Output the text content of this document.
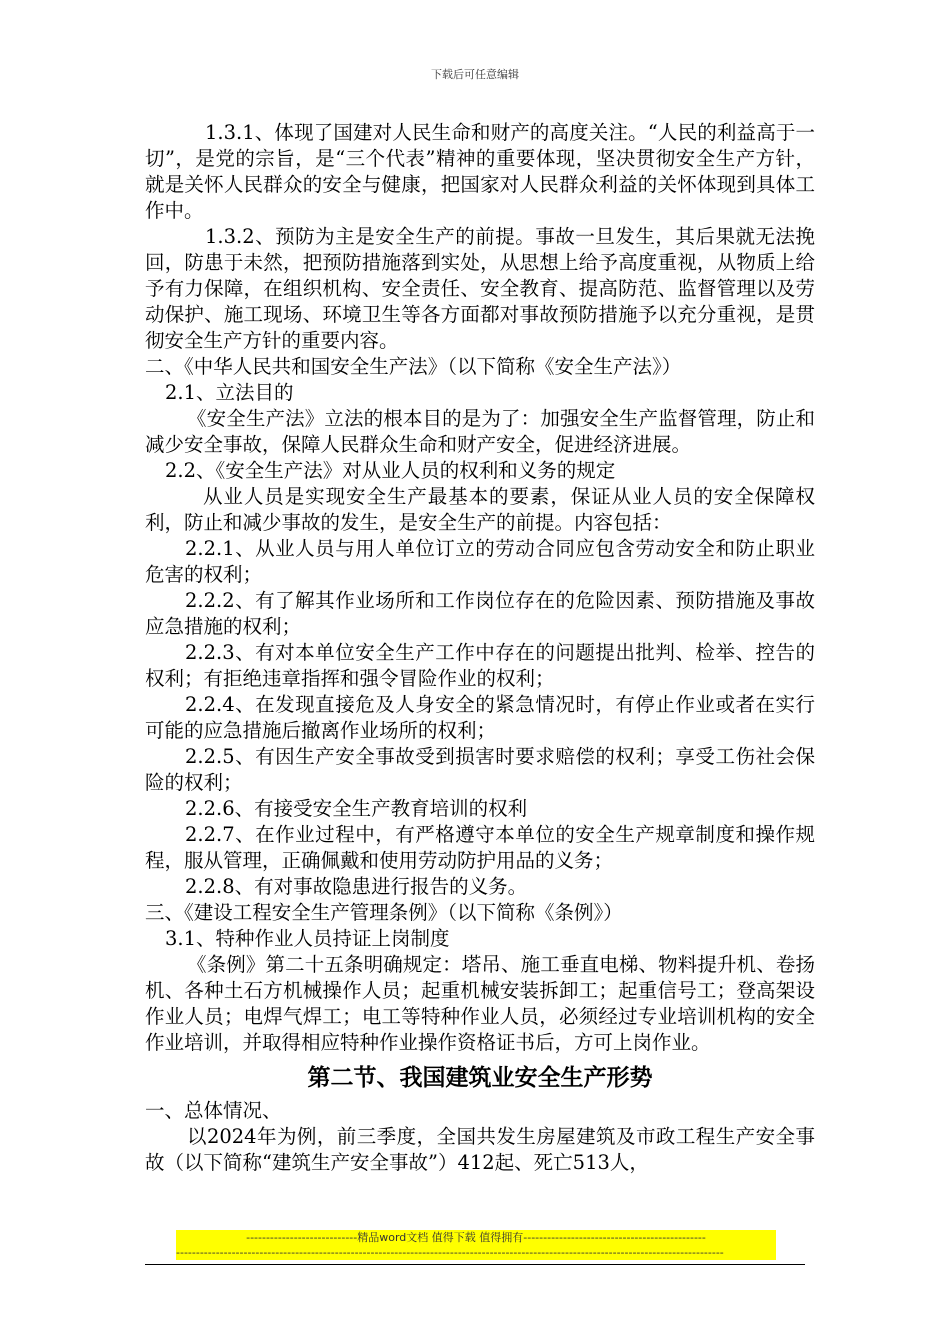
下载后可任意编辑

1.3.1、体现了国建对人民生命和财产的高度关注。“人民的利益高于一切”，是党的宗旨，是“三个代表”精神的重要体现，坚决贯彻安全生产方针，就是关怀人民群众的安全与健康，把国家对人民群众利益的关怀体现到具体工作中。

1.3.2、预防为主是安全生产的前提。事故一旦发生，其后果就无法挽回，防患于未然，把预防措施落到实处，从思想上给予高度重视，从物质上给予有力保障，在组织机构、安全责任、安全教育、提高防范、监督管理以及劳动保护、施工现场、环境卫生等各方面都对事故预防措施予以充分重视，是贯彻安全生产方针的重要内容。

二、《中华人民共和国安全生产法》（以下简称《安全生产法》）

2.1、立法目的

《安全生产法》立法的根本目的是为了：加强安全生产监督管理，防止和减少安全事故，保障人民群众生命和财产安全，促进经济进展。

2.2、《安全生产法》对从业人员的权利和义务的规定

从业人员是实现安全生产最基本的要素，保证从业人员的安全保障权利，防止和减少事故的发生，是安全生产的前提。内容包括：

2.2.1、从业人员与用人单位订立的劳动合同应包含劳动安全和防止职业危害的权利；

2.2.2、有了解其作业场所和工作岗位存在的危险因素、预防措施及事故应急措施的权利；

2.2.3、有对本单位安全生产工作中存在的问题提出批判、检举、控告的权利；有拒绝违章指挥和强令冒险作业的权利；

2.2.4、在发现直接危及人身安全的紧急情况时，有停止作业或者在实行可能的应急措施后撤离作业场所的权利；

2.2.5、有因生产安全事故受到损害时要求赔偿的权利；享受工伤社会保险的权利；

2.2.6、有接受安全生产教育培训的权利

2.2.7、在作业过程中，有严格遵守本单位的安全生产规章制度和操作规程，服从管理，正确佩戴和使用劳动防护用品的义务；

2.2.8、有对事故隐患进行报告的义务。

三、《建设工程安全生产管理条例》（以下简称《条例》）

3.1、特种作业人员持证上岗制度

《条例》第二十五条明确规定：塔吊、施工垂直电梯、物料提升机、卷扬机、各种土石方机械操作人员；起重机械安装拆卸工；起重信号工；登高架设作业人员；电焊气焊工；电工等特种作业人员，必须经过专业培训机构的安全作业培训，并取得相应特种作业操作资格证书后，方可上岗作业。

第二节、我国建筑业安全生产形势

一、总体情况、

以2024年为例，前三季度，全国共发生房屋建筑及市政工程生产安全事故（以下简称“建筑生产安全事故”）412起、死亡513人，

----------------------------精品word文档 值得下载 值得拥有----------------------------------------------
------------------------------------------------------------------------------------------------------------------------------------------
